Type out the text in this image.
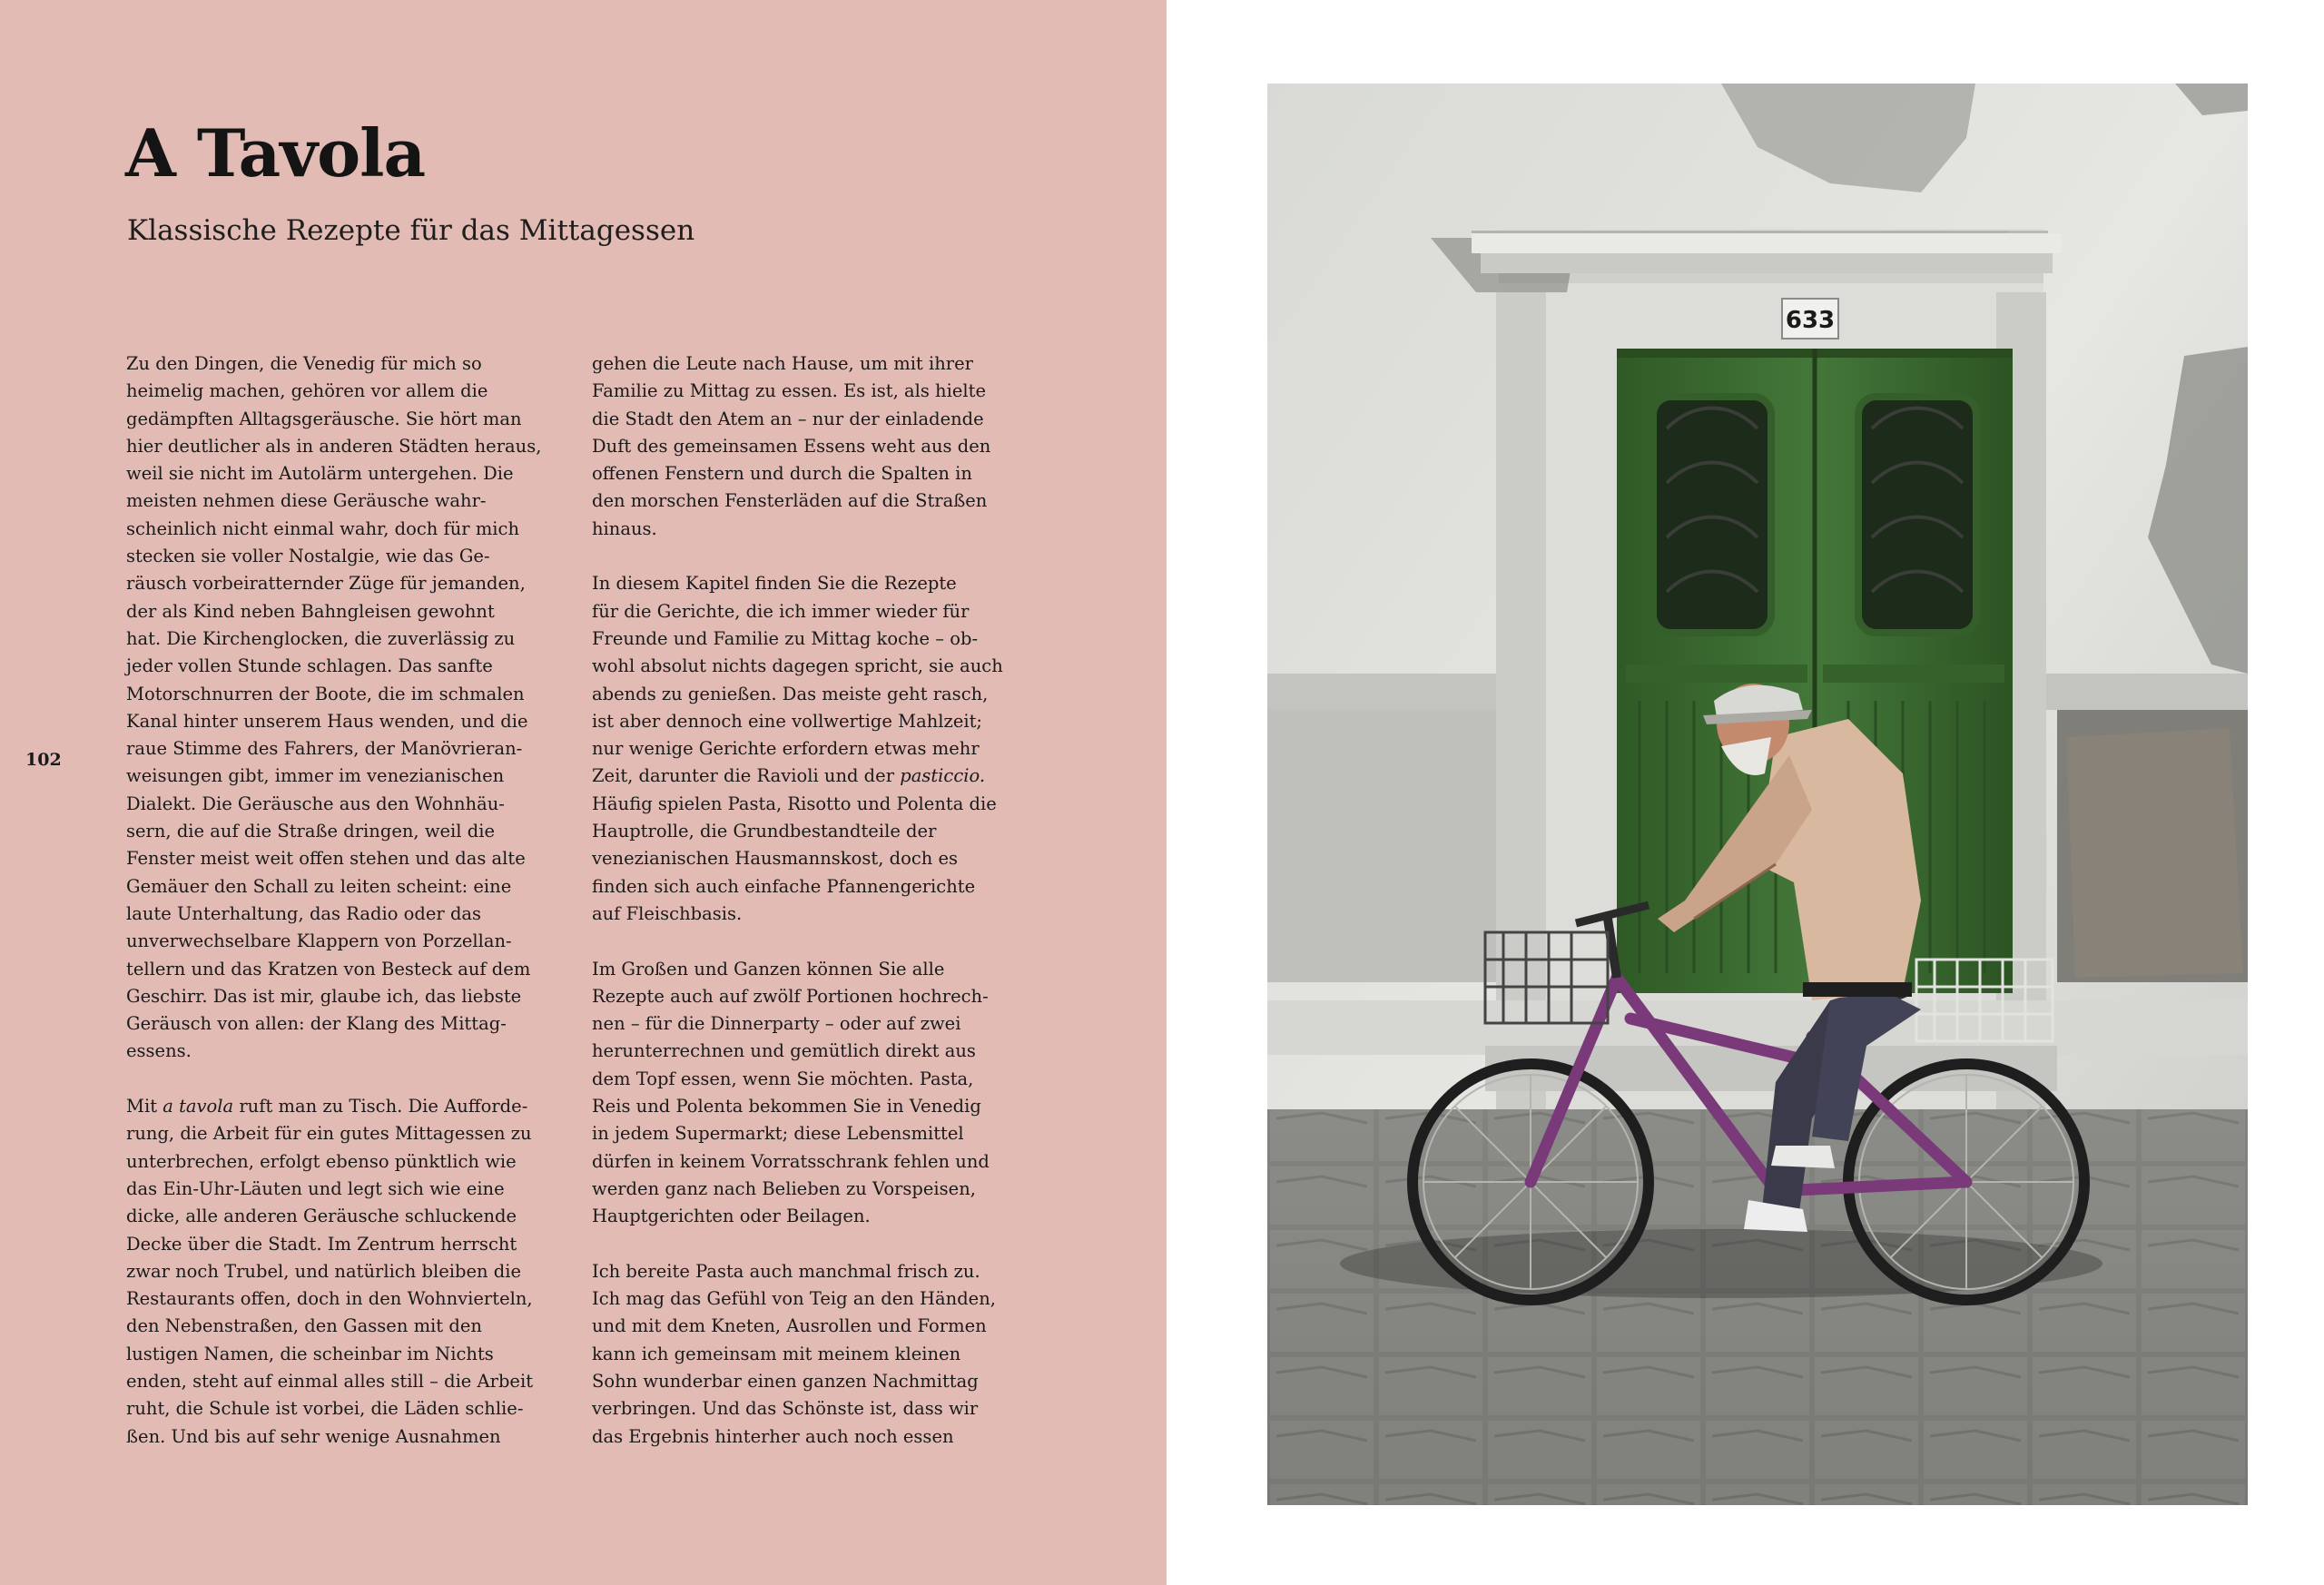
A Tavola
Klassische Rezepte für das Mittagessen
102
Zu den Dingen, die Venedig für mich so
heimelig machen, gehören vor allem die
gedämpften Alltagsgeräusche. Sie hört man
hier deutlicher als in anderen Städten heraus,
weil sie nicht im Autolärm untergehen. Die
meisten nehmen diese Geräusche wahr-
scheinlich nicht einmal wahr, doch für mich
stecken sie voller Nostalgie, wie das Ge-
räusch vorbeiratternder Züge für jemanden,
der als Kind neben Bahngleisen gewohnt
hat. Die Kirchenglocken, die zuverlässig zu
jeder vollen Stunde schlagen. Das sanfte
Motorschnurren der Boote, die im schmalen
Kanal hinter unserem Haus wenden, und die
raue Stimme des Fahrers, der Manövrieran-
weisungen gibt, immer im venezianischen
Dialekt. Die Geräusche aus den Wohnhäu-
sern, die auf die Straße dringen, weil die
Fenster meist weit offen stehen und das alte
Gemäuer den Schall zu leiten scheint: eine
laute Unterhaltung, das Radio oder das
unverwechselbare Klappern von Porzellan-
tellern und das Kratzen von Besteck auf dem
Geschirr. Das ist mir, glaube ich, das liebste
Geräusch von allen: der Klang des Mittag-
essens.
Mit a tavola ruft man zu Tisch. Die Aufforde-
rung, die Arbeit für ein gutes Mittagessen zu
unterbrechen, erfolgt ebenso pünktlich wie
das Ein-Uhr-Läuten und legt sich wie eine
dicke, alle anderen Geräusche schluckende
Decke über die Stadt. Im Zentrum herrscht
zwar noch Trubel, und natürlich bleiben die
Restaurants offen, doch in den Wohnvierteln,
den Nebenstraßen, den Gassen mit den
lustigen Namen, die scheinbar im Nichts
enden, steht auf einmal alles still – die Arbeit
ruht, die Schule ist vorbei, die Läden schlie-
ßen. Und bis auf sehr wenige Ausnahmen
gehen die Leute nach Hause, um mit ihrer
Familie zu Mittag zu essen. Es ist, als hielte
die Stadt den Atem an – nur der einladende
Duft des gemeinsamen Essens weht aus den
offenen Fenstern und durch die Spalten in
den morschen Fensterläden auf die Straßen
hinaus.
In diesem Kapitel finden Sie die Rezepte
für die Gerichte, die ich immer wieder für
Freunde und Familie zu Mittag koche – ob-
wohl absolut nichts dagegen spricht, sie auch
abends zu genießen. Das meiste geht rasch,
ist aber dennoch eine vollwertige Mahlzeit;
nur wenige Gerichte erfordern etwas mehr
Zeit, darunter die Ravioli und der pasticcio.
Häufig spielen Pasta, Risotto und Polenta die
Hauptrolle, die Grundbestandteile der
venezianischen Hausmannskost, doch es
finden sich auch einfache Pfannengerichte
auf Fleischbasis.
Im Großen und Ganzen können Sie alle
Rezepte auch auf zwölf Portionen hochrech-
nen – für die Dinnerparty – oder auf zwei
herunterrechnen und gemütlich direkt aus
dem Topf essen, wenn Sie möchten. Pasta,
Reis und Polenta bekommen Sie in Venedig
in jedem Supermarkt; diese Lebensmittel
dürfen in keinem Vorratsschrank fehlen und
werden ganz nach Belieben zu Vorspeisen,
Hauptgerichten oder Beilagen.
Ich bereite Pasta auch manchmal frisch zu.
Ich mag das Gefühl von Teig an den Händen,
und mit dem Kneten, Ausrollen und Formen
kann ich gemeinsam mit meinem kleinen
Sohn wunderbar einen ganzen Nachmittag
verbringen. Und das Schönste ist, dass wir
das Ergebnis hinterher auch noch essen
633
